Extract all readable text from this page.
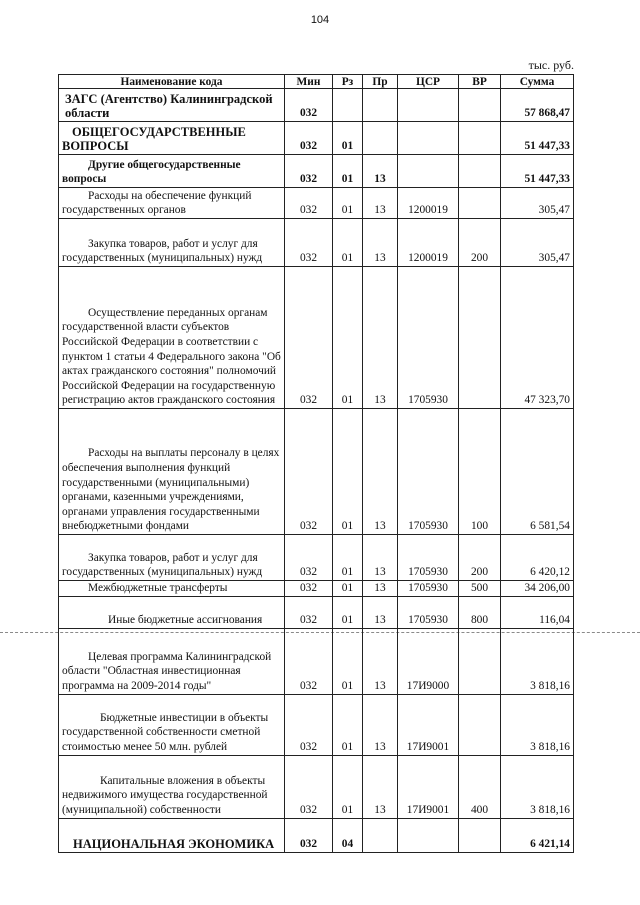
104
тыс. руб.
Наименование кода	Мин	Рз	Пр	ЦСР	ВР	Сумма
ЗАГС (Агентство) Калининградской области	032					57 868,47
ОБЩЕГОСУДАРСТВЕННЫЕ ВОПРОСЫ	032	01				51 447,33
Другие общегосударственные вопросы	032	01	13			51 447,33
Расходы на обеспечение функций государственных органов	032	01	13	1200019		305,47
Закупка товаров, работ и услуг для государственных (муниципальных) нужд	032	01	13	1200019	200	305,47
Осуществление переданных органам государственной власти субъектов Российской Федерации в соответствии с пунктом 1 статьи 4 Федерального закона "Об актах гражданского состояния" полномочий Российской Федерации на государственную регистрацию актов гражданского состояния	032	01	13	1705930		47 323,70
Расходы на выплаты персоналу в целях обеспечения выполнения функций государственными (муниципальными) органами, казенными учреждениями, органами управления государственными внебюджетными фондами	032	01	13	1705930	100	6 581,54
Закупка товаров, работ и услуг для государственных (муниципальных) нужд	032	01	13	1705930	200	6 420,12
Межбюджетные трансферты	032	01	13	1705930	500	34 206,00
Иные бюджетные ассигнования	032	01	13	1705930	800	116,04
Целевая программа Калининградской области "Областная инвестиционная программа на 2009-2014 годы"	032	01	13	17И9000		3 818,16
Бюджетные инвестиции в объекты государственной собственности сметной стоимостью менее 50 млн. рублей	032	01	13	17И9001		3 818,16
Капитальные вложения в объекты недвижимого имущества государственной (муниципальной) собственности	032	01	13	17И9001	400	3 818,16
НАЦИОНАЛЬНАЯ ЭКОНОМИКА	032	04				6 421,14
